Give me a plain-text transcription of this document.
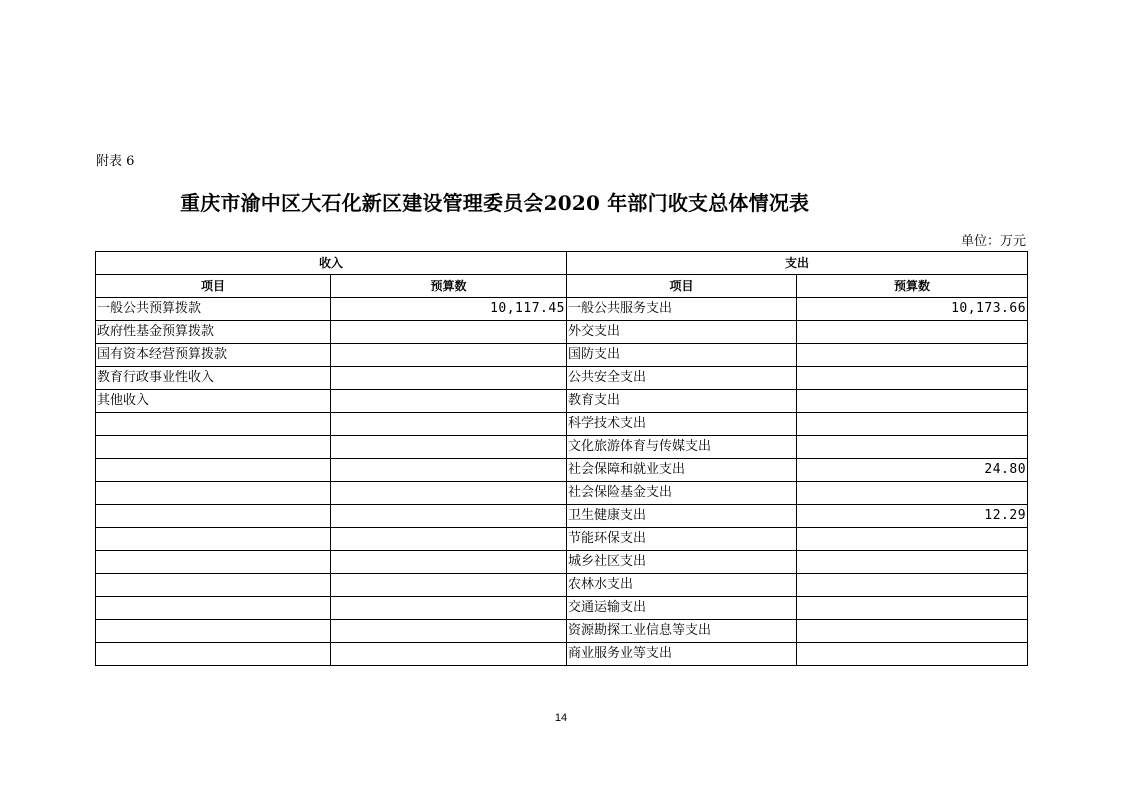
附表 6
重庆市渝中区大石化新区建设管理委员会2020 年部门收支总体情况表
单位：万元
收入		支出	
项目	预算数	项目	预算数
一般公共预算拨款	10,117.45	一般公共服务支出	10,173.66
政府性基金预算拨款		外交支出	
国有资本经营预算拨款		国防支出	
教育行政事业性收入		公共安全支出	
其他收入		教育支出	
		科学技术支出	
		文化旅游体育与传媒支出	
		社会保障和就业支出	24.80
		社会保险基金支出	
		卫生健康支出	12.29
		节能环保支出	
		城乡社区支出	
		农林水支出	
		交通运输支出	
		资源勘探工业信息等支出	
		商业服务业等支出	
14
